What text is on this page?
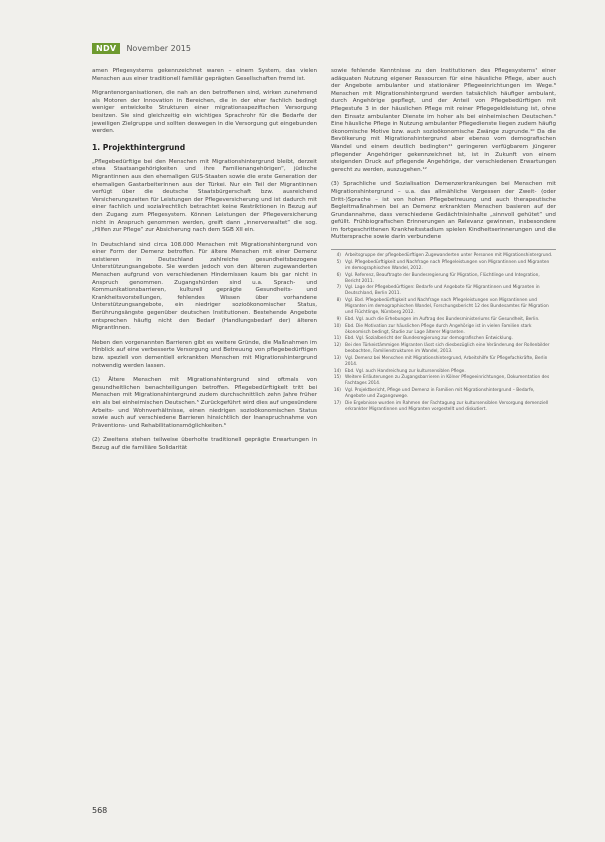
NDV	November 2015

amen Pflegesystems gekennzeichnet waren – einem System, das vielen Menschen aus einer traditionell familiär geprägten Gesellschaften fremd ist.

Migrantenorganisationen, die nah an den betroffenen sind, wirken zunehmend als Motoren der Innovation in Bereichen, die in der eher fachlich bedingt weniger entwickelte Strukturen einer migrationsspezifischen Versorgung besitzen. Sie sind gleichzeitig ein wichtiges Sprachrohr für die Bedarfe der jeweiligen Zielgruppe und sollten deswegen in die Versorgung gut eingebunden werden.

1. Projekthintergrund

„Pflegebedürftige bei den Menschen mit Migrationshintergrund bleibt, derzeit etwa Staatsangehörigkeiten und ihre Familienangehörigen“, jüdische Migrantinnen aus den ehemaligen GUS-Staaten sowie die erste Generation der ehemaligen Gastarbeiterinnen aus der Türkei. Nur ein Teil der Migrantinnen verfügt über die deutsche Staatsbürgerschaft bzw. ausreichend Versicherungszeiten für Leistungen der Pflegeversicherung und ist dadurch mit einer fachlich und sozialrechtlich betrachtet keine Restriktionen in Bezug auf den Zugang zum Pflegesystem. Können Leistungen der Pflegeversicherung nicht in Anspruch genommen werden, greift dann „innerverwaltet“ die sog. „Hilfen zur Pflege“ zur Absicherung nach dem SGB XII ein.

In Deutschland sind circa 108.000 Menschen mit Migrationshintergrund von einer Form der Demenz betroffen. Für ältere Menschen mit einer Demenz existieren in Deutschland zahlreiche gesundheitsbezogene Unterstützungsangebote. Sie werden jedoch von den älteren zugewanderten Menschen aufgrund von verschiedenen Hindernissen kaum bis gar nicht in Anspruch genommen. Zugangshürden sind u.a. Sprach- und Kommunikationsbarrieren, kulturell geprägte Gesundheits- und Krankheitsvorstellungen, fehlendes Wissen über vorhandene Unterstützungsangebote, ein niedriger sozioökonomischer Status, Berührungsängste gegenüber deutschen Institutionen. Bestehende Angebote entsprechen häufig nicht den Bedarf (Handlungsbedarf der) älteren MigrantInnen.

Neben den vorgenannten Barrieren gibt es weitere Gründe, die Maßnahmen im Hinblick auf eine verbesserte Versorgung und Betreuung von pflegebedürftigen bzw. speziell von dementiell erkrankten Menschen mit Migrationshintergrund notwendig werden lassen.

(1) Ältere Menschen mit Migrationshintergrund sind oftmals von gesundheitlichen benachteiligungen betroffen. PflegebedürftigkeIt tritt bei Menschen mit Migrationshintergrund zudem durchschnittlich zehn Jahre früher ein als bei einheimischen Deutschen.⁵ Zurückgeführt wird dies auf ungesündere Arbeits- und Wohnverhältnisse, einen niedrigen sozioökonomischen Status sowie auch auf verschiedene Barrieren hinsichtlich der Inanspruchnahme von Präventions- und Rehabilitationsmöglichkeiten.⁶

(2) Zweitens stehen teilweise überholte traditionell geprägte Erwartungen in Bezug auf die familiäre Solidarität

sowie fehlende Kenntnisse zu den Institutionen des Pflegesystems⁷ einer adäquaten Nutzung eigener Ressourcen für eine häusliche Pflege, aber auch der Angebote ambulanter und stationärer Pflegeeinrichtungen im Wege.⁸ Menschen mit Migrationshintergrund werden tatsächlich häufiger ambulant, durch Angehörige gepflegt, und der Anteil von Pflegebedürftigen mit Pflegestufe 3 in der häuslichen Pflege mit reiner Pflegegeldleistung ist, ohne den Einsatz ambulanter Dienste im hoher als bei einheimischen Deutschen.⁹ Eine häusliche Pflege in Nutzung ambulanter Pflegedienste liegen zudem häufig ökonomische Motive bzw. auch sozioökonomische Zwänge zugrunde.¹⁰ Da die Bevölkerung mit Migrationshintergrund aber ebenso vom demografischen Wandel und einem deutlich bedingten¹¹ geringeren verfügbarem jüngerer pflegender Angehöriger gekennzeichnet ist, ist in Zukunft von einem steigenden Druck auf pflegende Angehörige, der verschiedenen Erwartungen gerecht zu werden, auszugehen.¹²

(3) Sprachliche und Sozialisation Demenzerkrankungen bei Menschen mit Migrationshintergrund – u.a. das allmähliche Vergessen der Zweit- (oder Dritt-)Sprache – ist von hohen Pflegebetreuung und auch therapeutische Begleitmaßnahmen bei an Demenz erkrankten Menschen basieren auf der Grundannahme, dass verschiedene Gedächtnisinhalte „sinnvoll gehütet“ und gefüllt. Frühbiografischen Erinnerungen an Relevanz gewinnen, insbesondere im fortgeschrittenen Krankheitsstadium spielen Kindheitserinnerungen und die Muttersprache sowie darin verbundene

4) Arbeitsgruppe der pflegebedürftigen Zugewanderten unter Personen mit Migrationshintergrund.
5) Vgl. Pflegebedürftigkeit und Nachfrage nach Pflegeleistungen von Migrantinnen und Migranten im demographischen Wandel, 2012.
6) Vgl. Referenz, Beauftragte der Bundesregierung für Migration, Flüchtlinge und Integration, Bericht 2011.
7) Vgl. Lage der Pflegebedürftigen: Bedarfe und Angebote für Migrantinnen und Migranten in Deutschland, Berlin 2011.
8) Vgl. Ebd. Pflegebedürftigkeit und Nachfrage nach Pflegeleistungen von Migrantinnen und Migranten im demographischen Wandel, Forschungsbericht 12 des Bundesamtes für Migration und Flüchtlinge, Nürnberg 2012.
9) Ebd. Vgl. auch die Erhebungen im Auftrag des Bundesministeriums für Gesundheit, Berlin.
10) Ebd. Die Motivation zur häuslichen Pflege durch Angehörige ist in vielen Familien stark ökonomisch bedingt, Studie zur Lage älterer Migranten.
11) Ebd. Vgl. Sozialbericht der Bundesregierung zur demografischen Entwicklung.
12) Bei den Türkeistämmigen Migranten lässt sich diesbezüglich eine Veränderung der Rollenbilder beobachten, Familienstrukturen im Wandel, 2013.
13) Vgl. Demenz bei Menschen mit Migrationshintergrund, Arbeitshilfe für Pflegefachkräfte, Berlin 2014.
14) Ebd. Vgl. auch Handreichung zur kultursensiblen Pflege.
15) Weitere Erläuterungen zu Zugangsbarrieren in Kölner Pflegeeinrichtungen, Dokumentation des Fachtages 2014.
16) Vgl. Projektbericht, Pflege und Demenz in Familien mit Migrationshintergrund – Bedarfe, Angebote und Zugangswege.
17) Die Ergebnisse wurden im Rahmen der Fachtagung zur kultursensiblen Versorgung demenziell erkrankter Migrantinnen und Migranten vorgestellt und diskutiert.
568
